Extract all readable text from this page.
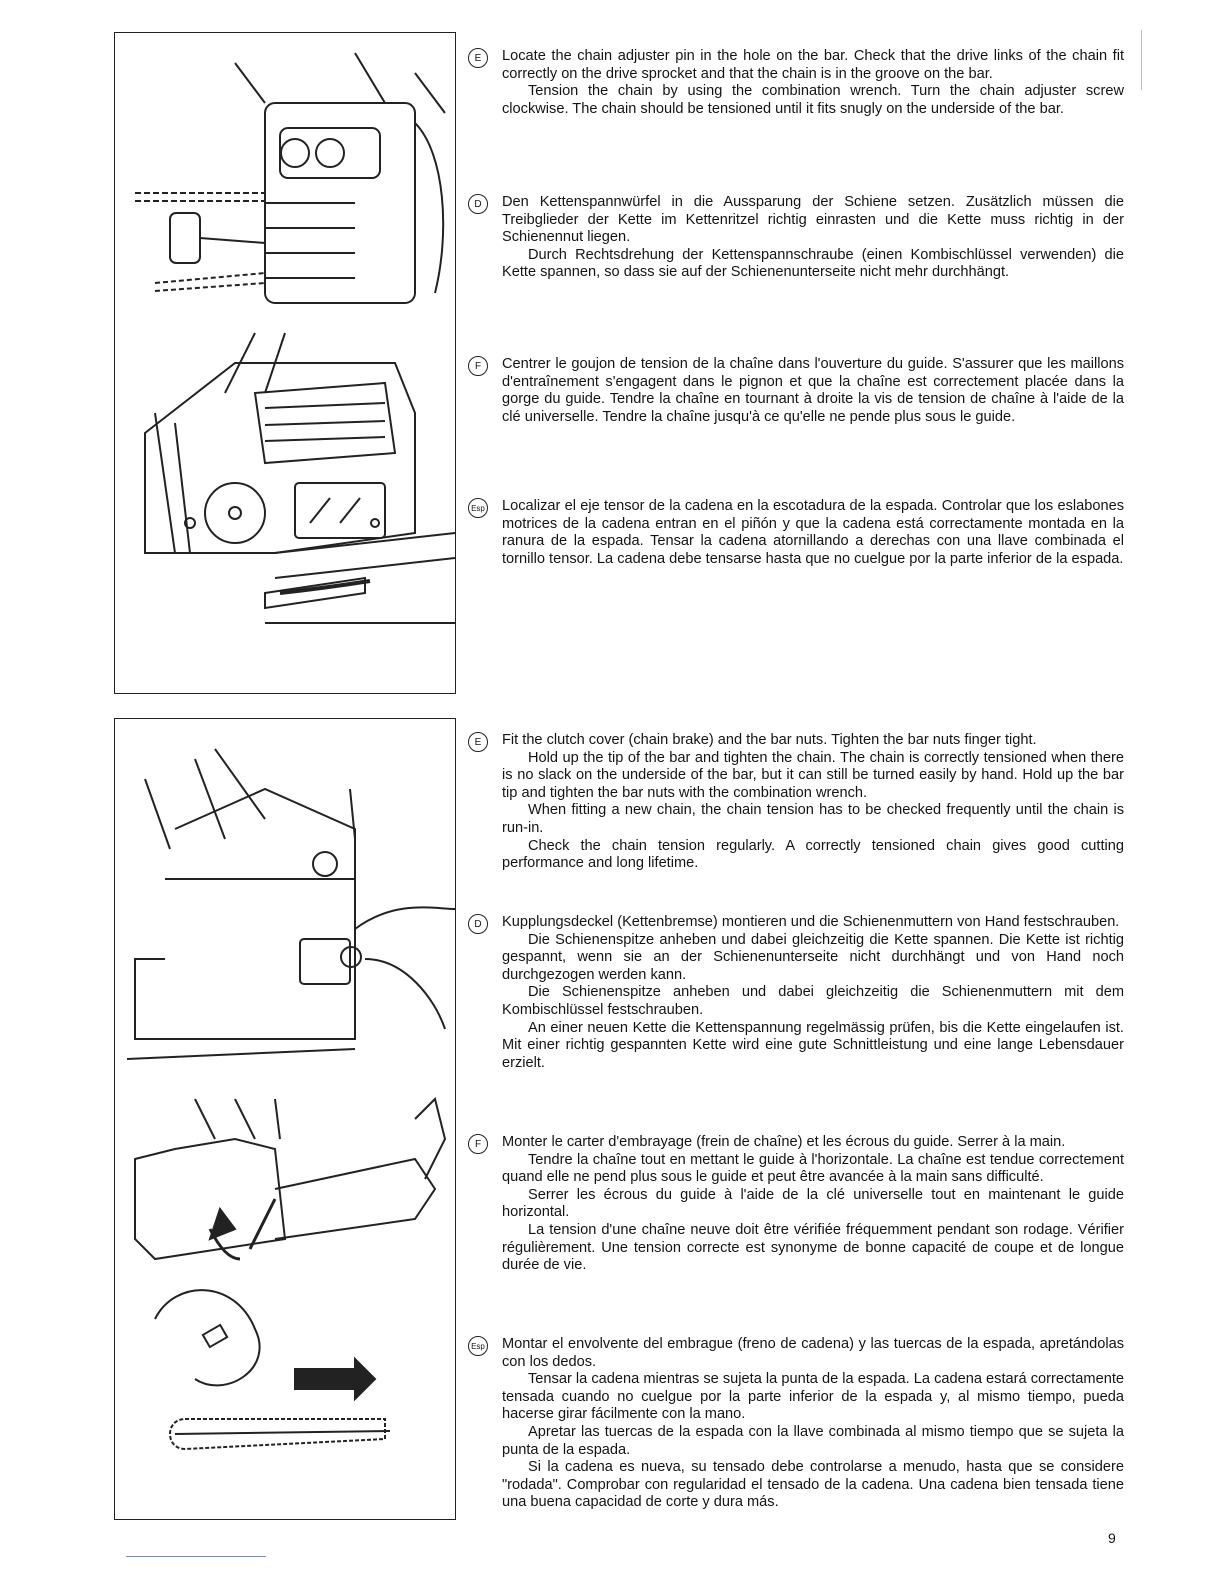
E	Locate the chain adjuster pin in the hole on the bar. Check that the drive links of the chain fit correctly on the drive sprocket and that the chain is in the groove on the bar.
Tension the chain by using the combination wrench. Turn the chain adjuster screw clockwise. The chain should be tensioned until it fits snugly on the underside of the bar.
D	Den Kettenspannwürfel in die Aussparung der Schiene setzen. Zusätzlich müssen die Treibglieder der Kette im Kettenritzel richtig einrasten und die Kette muss richtig in der Schienennut liegen.
Durch Rechtsdrehung der Kettenspannschraube (einen Kombischlüssel verwenden) die Kette spannen, so dass sie auf der Schienenunterseite nicht mehr durchhängt.
F	Centrer le goujon de tension de la chaîne dans l'ouverture du guide. S'assurer que les maillons d'entraînement s'engagent dans le pignon et que la chaîne est correctement placée dans la gorge du guide. Tendre la chaîne en tournant à droite la vis de tension de chaîne à l'aide de la clé universelle. Tendre la chaîne jusqu'à ce qu'elle ne pende plus sous le guide.
Esp Localizar el eje tensor de la cadena en la escotadura de la espada. Controlar que los eslabones motrices de la cadena entran en el piñón y que la cadena está correctamente montada en la ranura de la espada. Tensar la cadena atornillando a derechas con una llave combinada el tornillo tensor. La cadena debe tensarse hasta que no cuelgue por la parte inferior de la espada.
E	Fit the clutch cover (chain brake) and the bar nuts. Tighten the bar nuts finger tight.
Hold up the tip of the bar and tighten the chain. The chain is correctly tensioned when there is no slack on the underside of the bar, but it can still be turned easily by hand. Hold up the bar tip and tighten the bar nuts with the combination wrench.
When fitting a new chain, the chain tension has to be checked frequently until the chain is run-in.
Check the chain tension regularly. A correctly tensioned chain gives good cutting performance and long lifetime.
D	Kupplungsdeckel (Kettenbremse) montieren und die Schienenmuttern von Hand festschrauben.
Die Schienenspitze anheben und dabei gleichzeitig die Kette spannen. Die Kette ist richtig gespannt, wenn sie an der Schienenunterseite nicht durchhängt und von Hand noch durchgezogen werden kann.
Die Schienenspitze anheben und dabei gleichzeitig die Schienenmuttern mit dem Kombischlüssel festschrauben.
An einer neuen Kette die Kettenspannung regelmässig prüfen, bis die Kette eingelaufen ist. Mit einer richtig gespannten Kette wird eine gute Schnittleistung und eine lange Lebensdauer erzielt.
F	Monter le carter d'embrayage (frein de chaîne) et les écrous du guide. Serrer à la main.
Tendre la chaîne tout en mettant le guide à l'horizontale. La chaîne est tendue correctement quand elle ne pend plus sous le guide et peut être avancée à la main sans difficulté.
Serrer les écrous du guide à l'aide de la clé universelle tout en maintenant le guide horizontal.
La tension d'une chaîne neuve doit être vérifiée fréquemment pendant son rodage. Vérifier régulièrement. Une tension correcte est synonyme de bonne capacité de coupe et de longue durée de vie.
Esp Montar el envolvente del embrague (freno de cadena) y las tuercas de la espada, apretándolas con los dedos.
Tensar la cadena mientras se sujeta la punta de la espada. La cadena estará correctamente tensada cuando no cuelgue por la parte inferior de la espada y, al mismo tiempo, pueda hacerse girar fácilmente con la mano.
Apretar las tuercas de la espada con la llave combinada al mismo tiempo que se sujeta la punta de la espada.
Si la cadena es nueva, su tensado debe controlarse a menudo, hasta que se considere "rodada". Comprobar con regularidad el tensado de la cadena. Una cadena bien tensada tiene una buena capacidad de corte y dura más.
9
